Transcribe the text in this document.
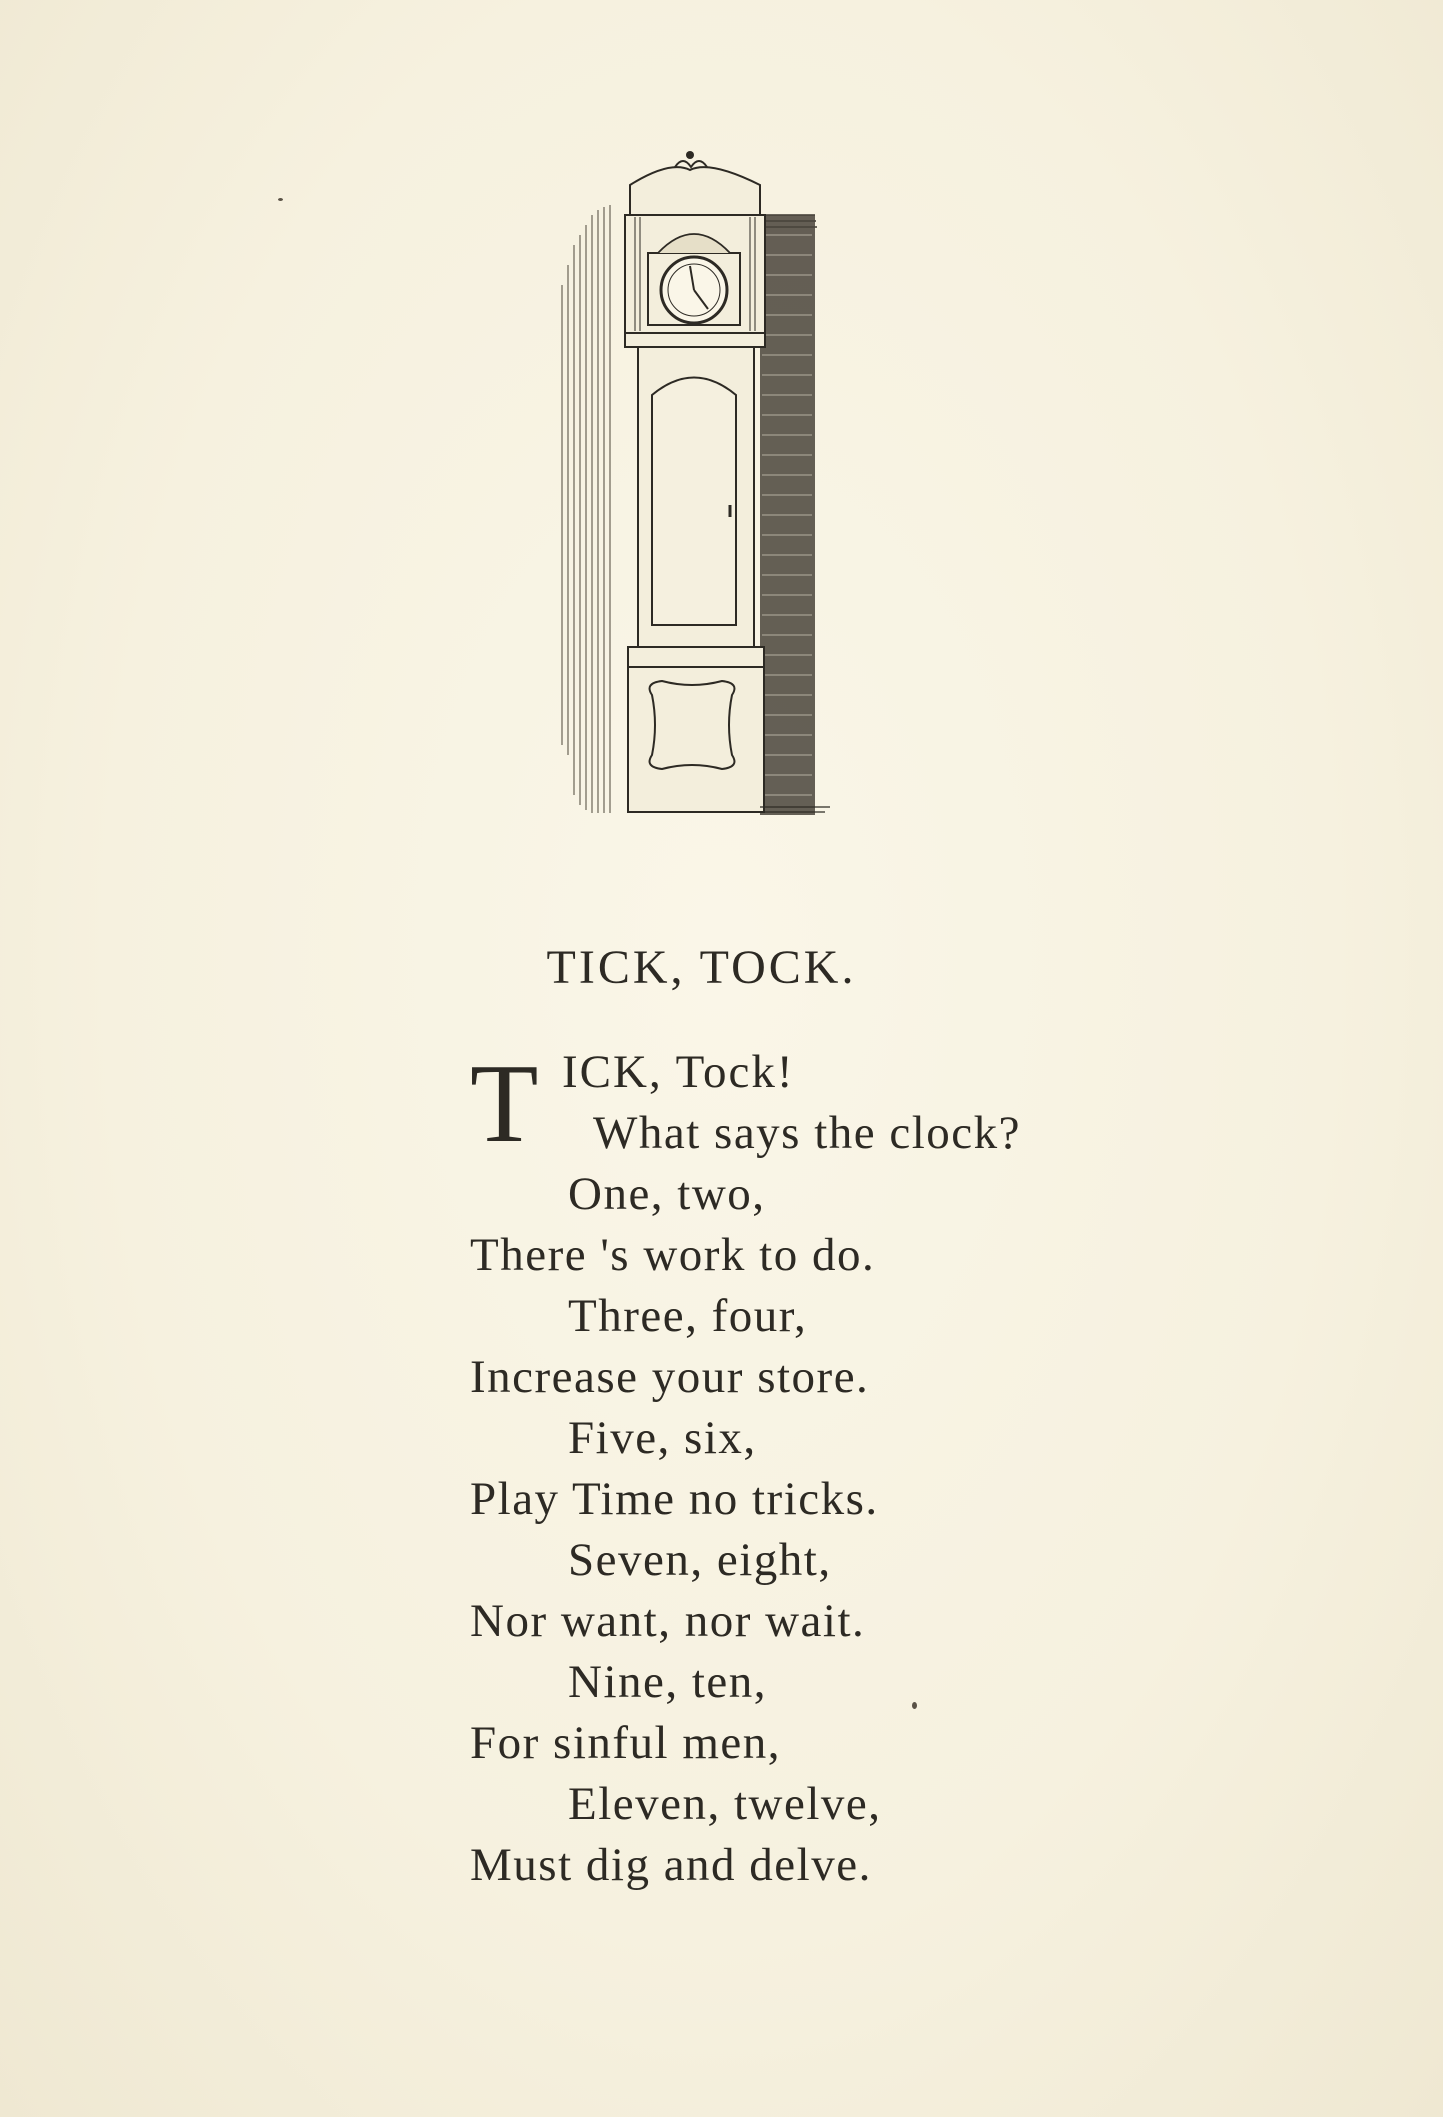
TICK, TOCK.
T ICK, Tock!
What says the clock?
One, two,
There 's work to do.
Three, four,
Increase your store.
Five, six,
Play Time no tricks.
Seven, eight,
Nor want, nor wait.
Nine, ten,
For sinful men,
Eleven, twelve,
Must dig and delve.
